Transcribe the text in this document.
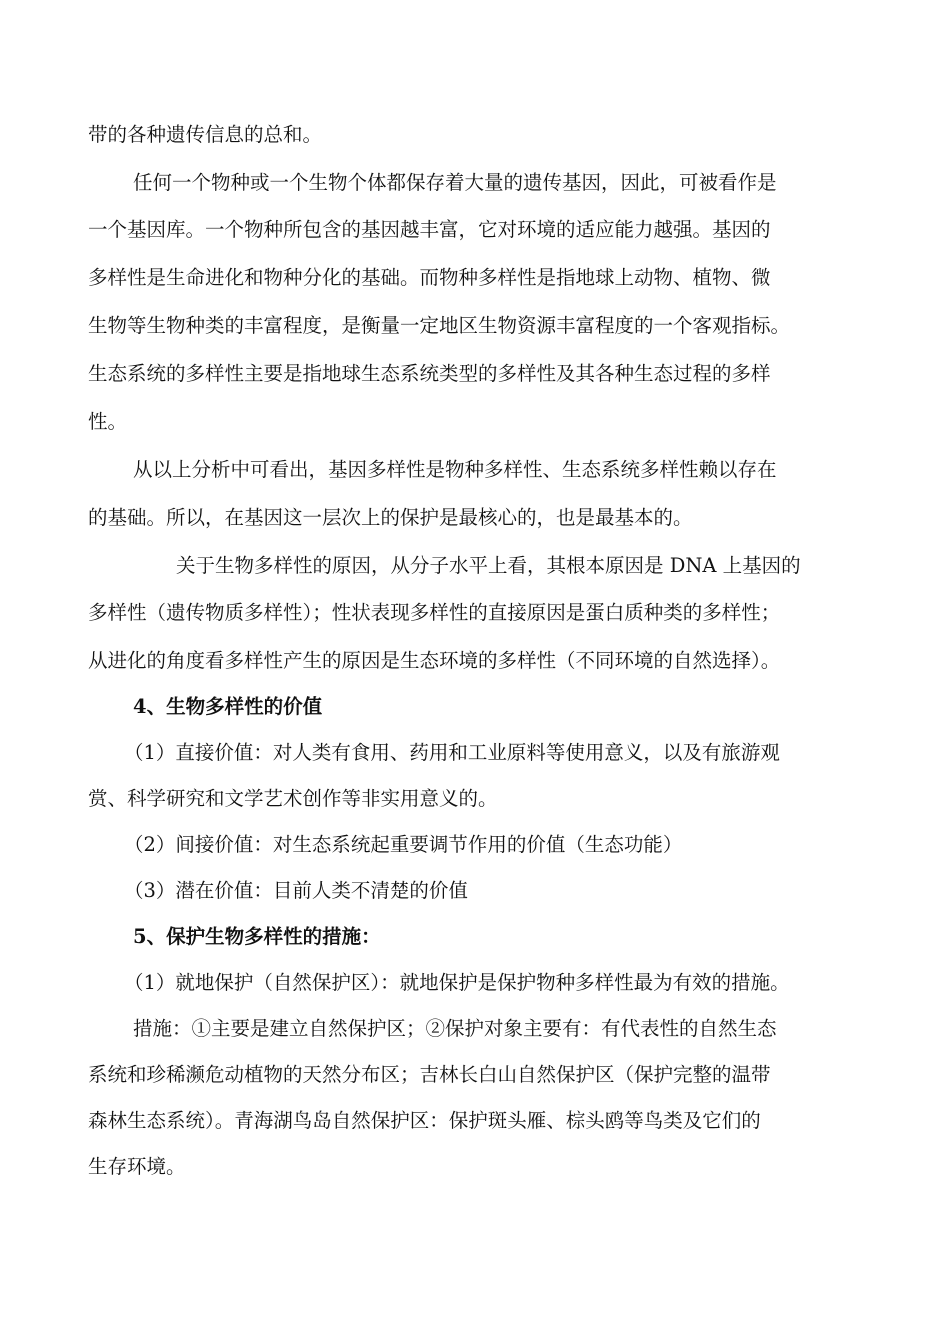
带的各种遗传信息的总和。
任何一个物种或一个生物个体都保存着大量的遗传基因，因此，可被看作是
一个基因库。一个物种所包含的基因越丰富，它对环境的适应能力越强。基因的
多样性是生命进化和物种分化的基础。而物种多样性是指地球上动物、植物、微
生物等生物种类的丰富程度，是衡量一定地区生物资源丰富程度的一个客观指标。
生态系统的多样性主要是指地球生态系统类型的多样性及其各种生态过程的多样
性。
从以上分析中可看出，基因多样性是物种多样性、生态系统多样性赖以存在
的基础。所以，在基因这一层次上的保护是最核心的，也是最基本的。
关于生物多样性的原因，从分子水平上看，其根本原因是 DNA 上基因的
多样性（遗传物质多样性）；性状表现多样性的直接原因是蛋白质种类的多样性；
从进化的角度看多样性产生的原因是生态环境的多样性（不同环境的自然选择）。
4、生物多样性的价值
（1）直接价值：对人类有食用、药用和工业原料等使用意义，以及有旅游观
赏、科学研究和文学艺术创作等非实用意义的。
（2）间接价值：对生态系统起重要调节作用的价值（生态功能）
（3）潜在价值：目前人类不清楚的价值
5、保护生物多样性的措施：
（1）就地保护（自然保护区）：就地保护是保护物种多样性最为有效的措施。
措施：①主要是建立自然保护区；②保护对象主要有：有代表性的自然生态
系统和珍稀濒危动植物的天然分布区；吉林长白山自然保护区（保护完整的温带
森林生态系统）。青海湖鸟岛自然保护区：保护斑头雁、棕头鸥等鸟类及它们的
生存环境。
